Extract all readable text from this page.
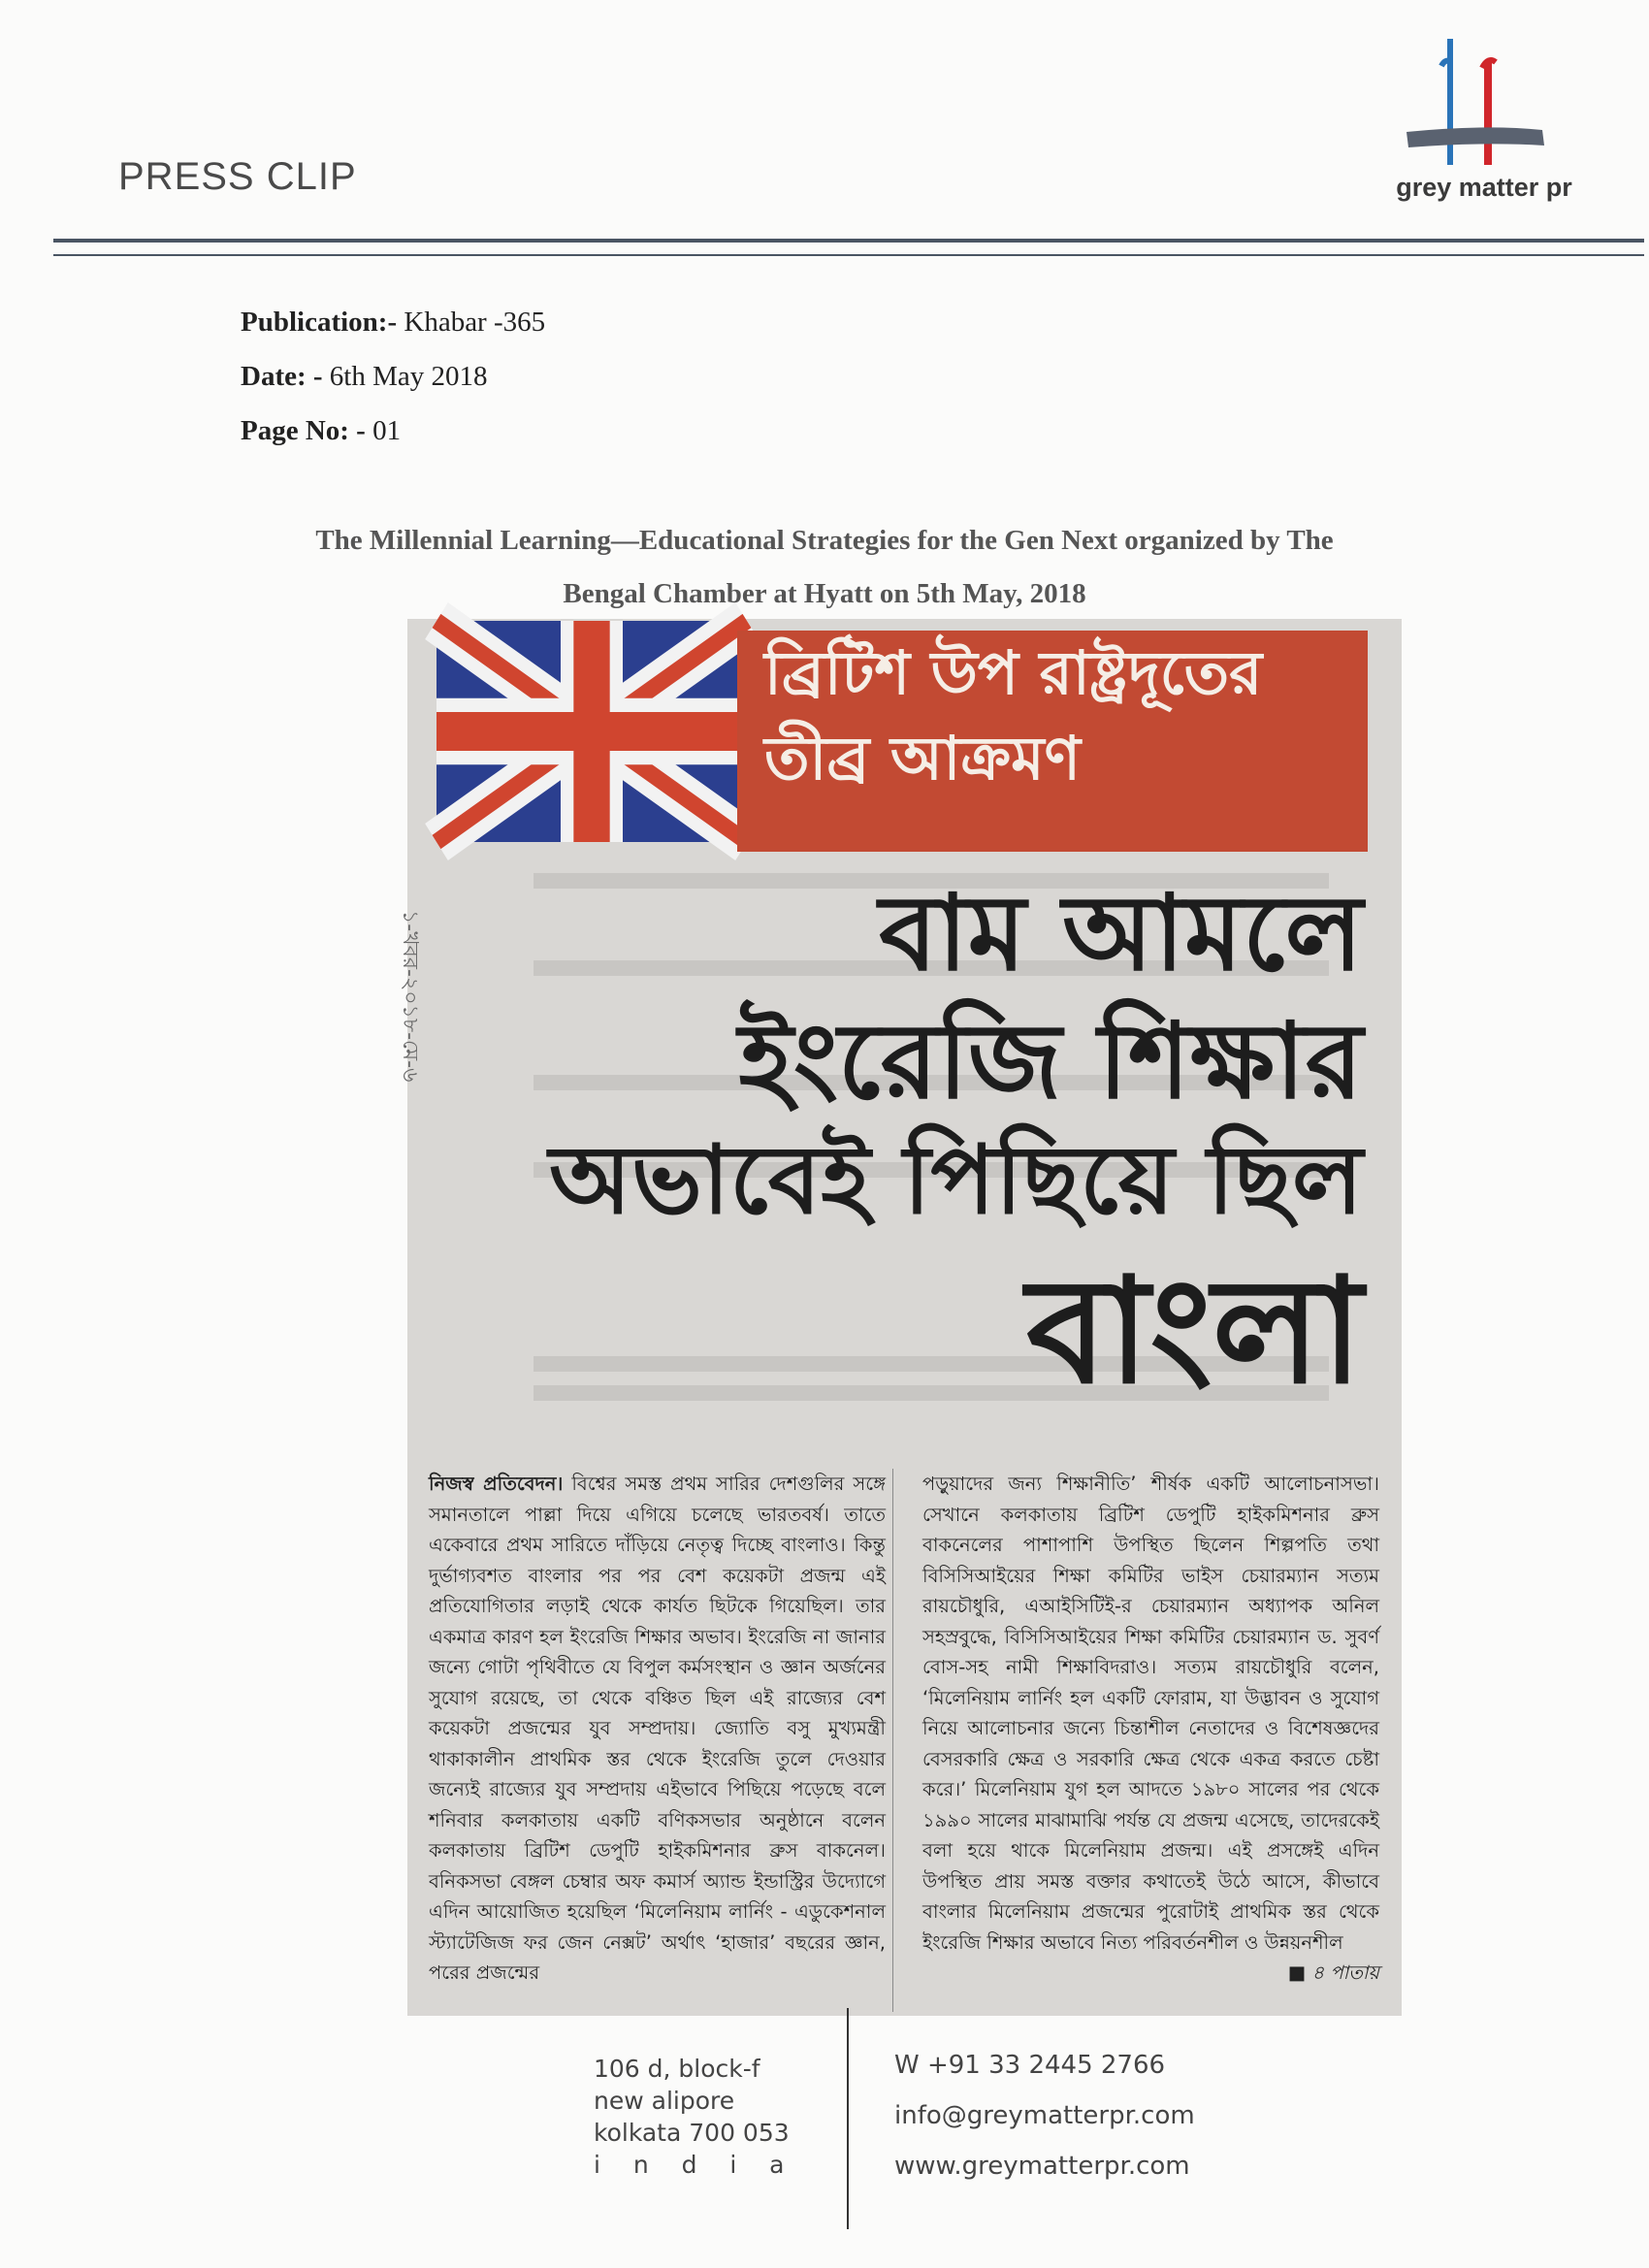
PRESS CLIP	grey matter pr
Publication:- Khabar -365
Date: - 6th May 2018
Page No: - 01
The Millennial Learning—Educational Strategies for the Gen Next organized by The
Bengal Chamber at Hyatt on 5th May, 2018
ব্রিটিশ উপ রাষ্ট্রদূতের
তীব্র আক্রমণ
১-খবর-২০১৮-মে-৬	বাম আমলে
ইংরেজি শিক্ষার
অভাবেই পিছিয়ে ছিল
বাংলা
নিজস্ব প্রতিবেদন। বিশ্বের সমস্ত প্রথম সারির দেশগুলির সঙ্গে সমানতালে পাল্লা দিয়ে এগিয়ে চলেছে ভারতবর্ষ। তাতে একেবারে প্রথম সারিতে দাঁড়িয়ে নেতৃত্ব দিচ্ছে বাংলাও। কিন্তু দুর্ভাগ্যবশত বাংলার পর পর বেশ কয়েকটা প্রজন্ম এই প্রতিযোগিতার লড়াই থেকে কার্যত ছিটকে গিয়েছিল। তার একমাত্র কারণ হল ইংরেজি শিক্ষার অভাব। ইংরেজি না জানার জন্যে গোটা পৃথিবীতে যে বিপুল কর্মসংস্থান ও জ্ঞান অর্জনের সুযোগ রয়েছে, তা থেকে বঞ্চিত ছিল এই রাজ্যের বেশ কয়েকটা প্রজন্মের যুব সম্প্রদায়। জ্যোতি বসু মুখ্যমন্ত্রী থাকাকালীন প্রাথমিক স্তর থেকে ইংরেজি তুলে দেওয়ার জন্যেই রাজ্যের যুব সম্প্রদায় এইভাবে পিছিয়ে পড়েছে বলে শনিবার কলকাতায় একটি বণিকসভার অনুষ্ঠানে বলেন কলকাতায় ব্রিটিশ ডেপুটি হাইকমিশনার ব্রুস বাকনেল। বনিকসভা বেঙ্গল চেম্বার অফ কমার্স অ্যান্ড ইন্ডাস্ট্রির উদ্যোগে এদিন আয়োজিত হয়েছিল ‘মিলেনিয়াম লার্নিং - এডুকেশনাল স্ট্যাটেজিজ ফর জেন নেক্সট’ অর্থাৎ ‘হাজার’ বছরের জ্ঞান, পরের প্রজন্মের
পড়ুয়াদের জন্য শিক্ষানীতি’ শীর্ষক একটি আলোচনাসভা। সেখানে কলকাতায় ব্রিটিশ ডেপুটি হাইকমিশনার ব্রুস বাকনেলের পাশাপাশি উপস্থিত ছিলেন শিল্পপতি তথা বিসিসিআইয়ের শিক্ষা কমিটির ভাইস চেয়ারম্যান সত্যম রায়চৌধুরি, এআইসিটিই-র চেয়ারম্যান অধ্যাপক অনিল সহস্রবুদ্ধে, বিসিসিআইয়ের শিক্ষা কমিটির চেয়ারম্যান ড. সুবর্ণ বোস-সহ নামী শিক্ষাবিদরাও। সত্যম রায়চৌধুরি বলেন, ‘মিলেনিয়াম লার্নিং হল একটি ফোরাম, যা উদ্ভাবন ও সুযোগ নিয়ে আলোচনার জন্যে চিন্তাশীল নেতাদের ও বিশেষজ্ঞদের বেসরকারি ক্ষেত্র ও সরকারি ক্ষেত্র থেকে একত্র করতে চেষ্টা করে।’ মিলেনিয়াম যুগ হল আদতে ১৯৮০ সালের পর থেকে ১৯৯০ সালের মাঝামাঝি পর্যন্ত যে প্রজন্ম এসেছে, তাদেরকেই বলা হয়ে থাকে মিলেনিয়াম প্রজন্ম। এই প্রসঙ্গেই এদিন উপস্থিত প্রায় সমস্ত বক্তার কথাতেই উঠে আসে, কীভাবে বাংলার মিলেনিয়াম প্রজন্মের পুরোটাই প্রাথমিক স্তর থেকে ইংরেজি শিক্ষার অভাবে নিত্য পরিবর্তনশীল ও উন্নয়নশীল
■ ৪ পাতায়
106 d, block-f
new alipore
kolkata 700 053
i  n  d  i  a
W +91 33 2445 2766
info@greymatterpr.com
www.greymatterpr.com
